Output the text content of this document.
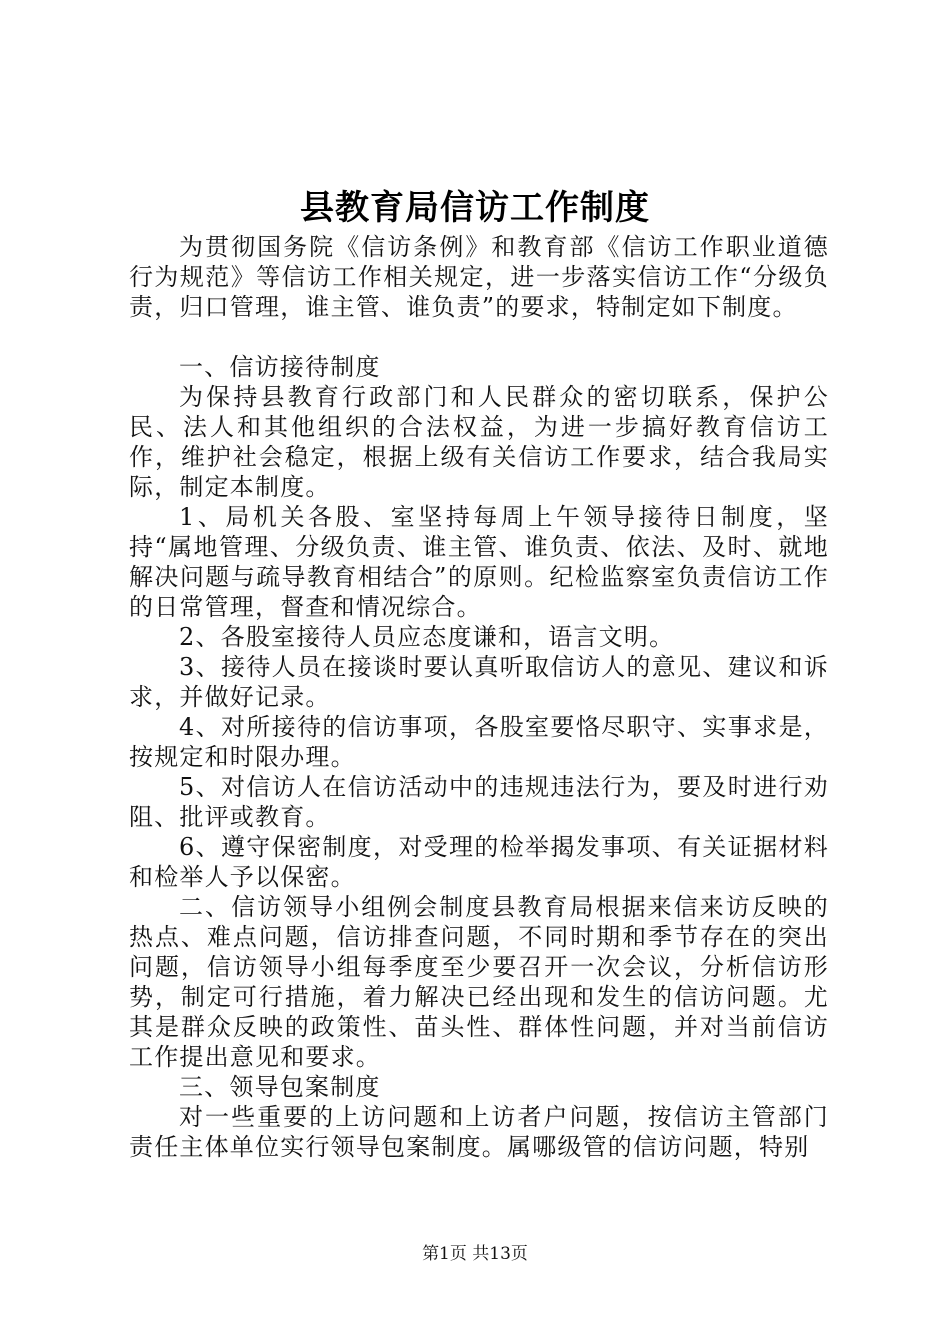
县教育局信访工作制度

为贯彻国务院《信访条例》和教育部《信访工作职业道德行为规范》等信访工作相关规定，进一步落实信访工作“分级负责，归口管理，谁主管、谁负责”的要求，特制定如下制度。

一、信访接待制度

为保持县教育行政部门和人民群众的密切联系，保护公民、法人和其他组织的合法权益，为进一步搞好教育信访工作，维护社会稳定，根据上级有关信访工作要求，结合我局实际，制定本制度。

1、局机关各股、室坚持每周上午领导接待日制度，坚持“属地管理、分级负责、谁主管、谁负责、依法、及时、就地解决问题与疏导教育相结合”的原则。纪检监察室负责信访工作的日常管理，督查和情况综合。

2、各股室接待人员应态度谦和，语言文明。

3、接待人员在接谈时要认真听取信访人的意见、建议和诉求，并做好记录。

4、对所接待的信访事项，各股室要恪尽职守、实事求是，按规定和时限办理。

5、对信访人在信访活动中的违规违法行为，要及时进行劝阻、批评或教育。

6、遵守保密制度，对受理的检举揭发事项、有关证据材料和检举人予以保密。

二、信访领导小组例会制度县教育局根据来信来访反映的热点、难点问题，信访排查问题，不同时期和季节存在的突出问题，信访领导小组每季度至少要召开一次会议，分析信访形势，制定可行措施，着力解决已经出现和发生的信访问题。尤其是群众反映的政策性、苗头性、群体性问题，并对当前信访工作提出意见和要求。

三、领导包案制度

对一些重要的上访问题和上访者户问题，按信访主管部门责任主体单位实行领导包案制度。属哪级管的信访问题，特别

第1页 共13页
